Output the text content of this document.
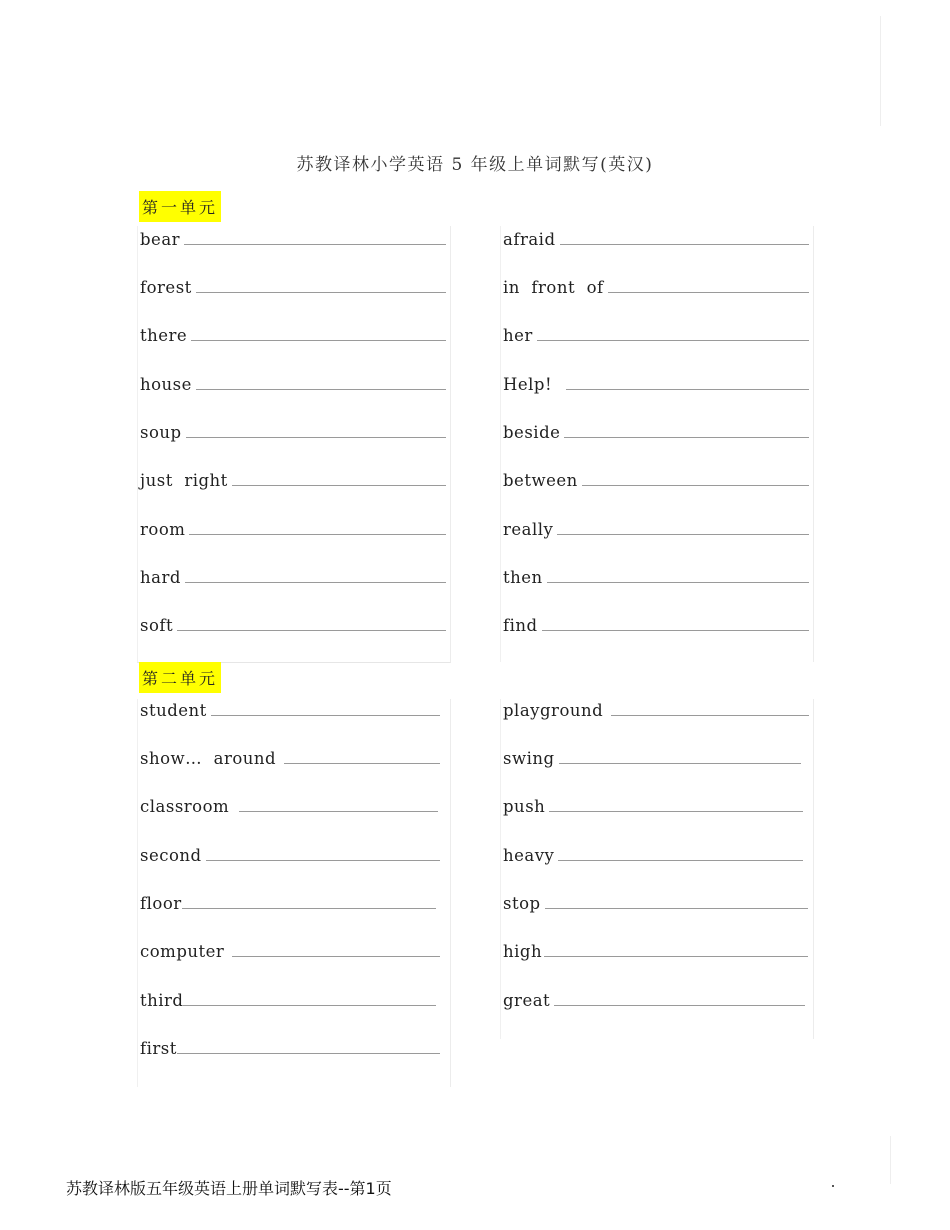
苏教译林小学英语 5 年级上单词默写(英汉)
第一单元
bear
forest
there
house
soup
just  right
room
hard
soft
afraid
in  front  of
her
Help!
beside
between
really
then
find
第二单元
student
show…  around
classroom
second
floor
computer
third
first
playground
swing
push
heavy
stop
high
great
苏教译林版五年级英语上册单词默写表--第1页
